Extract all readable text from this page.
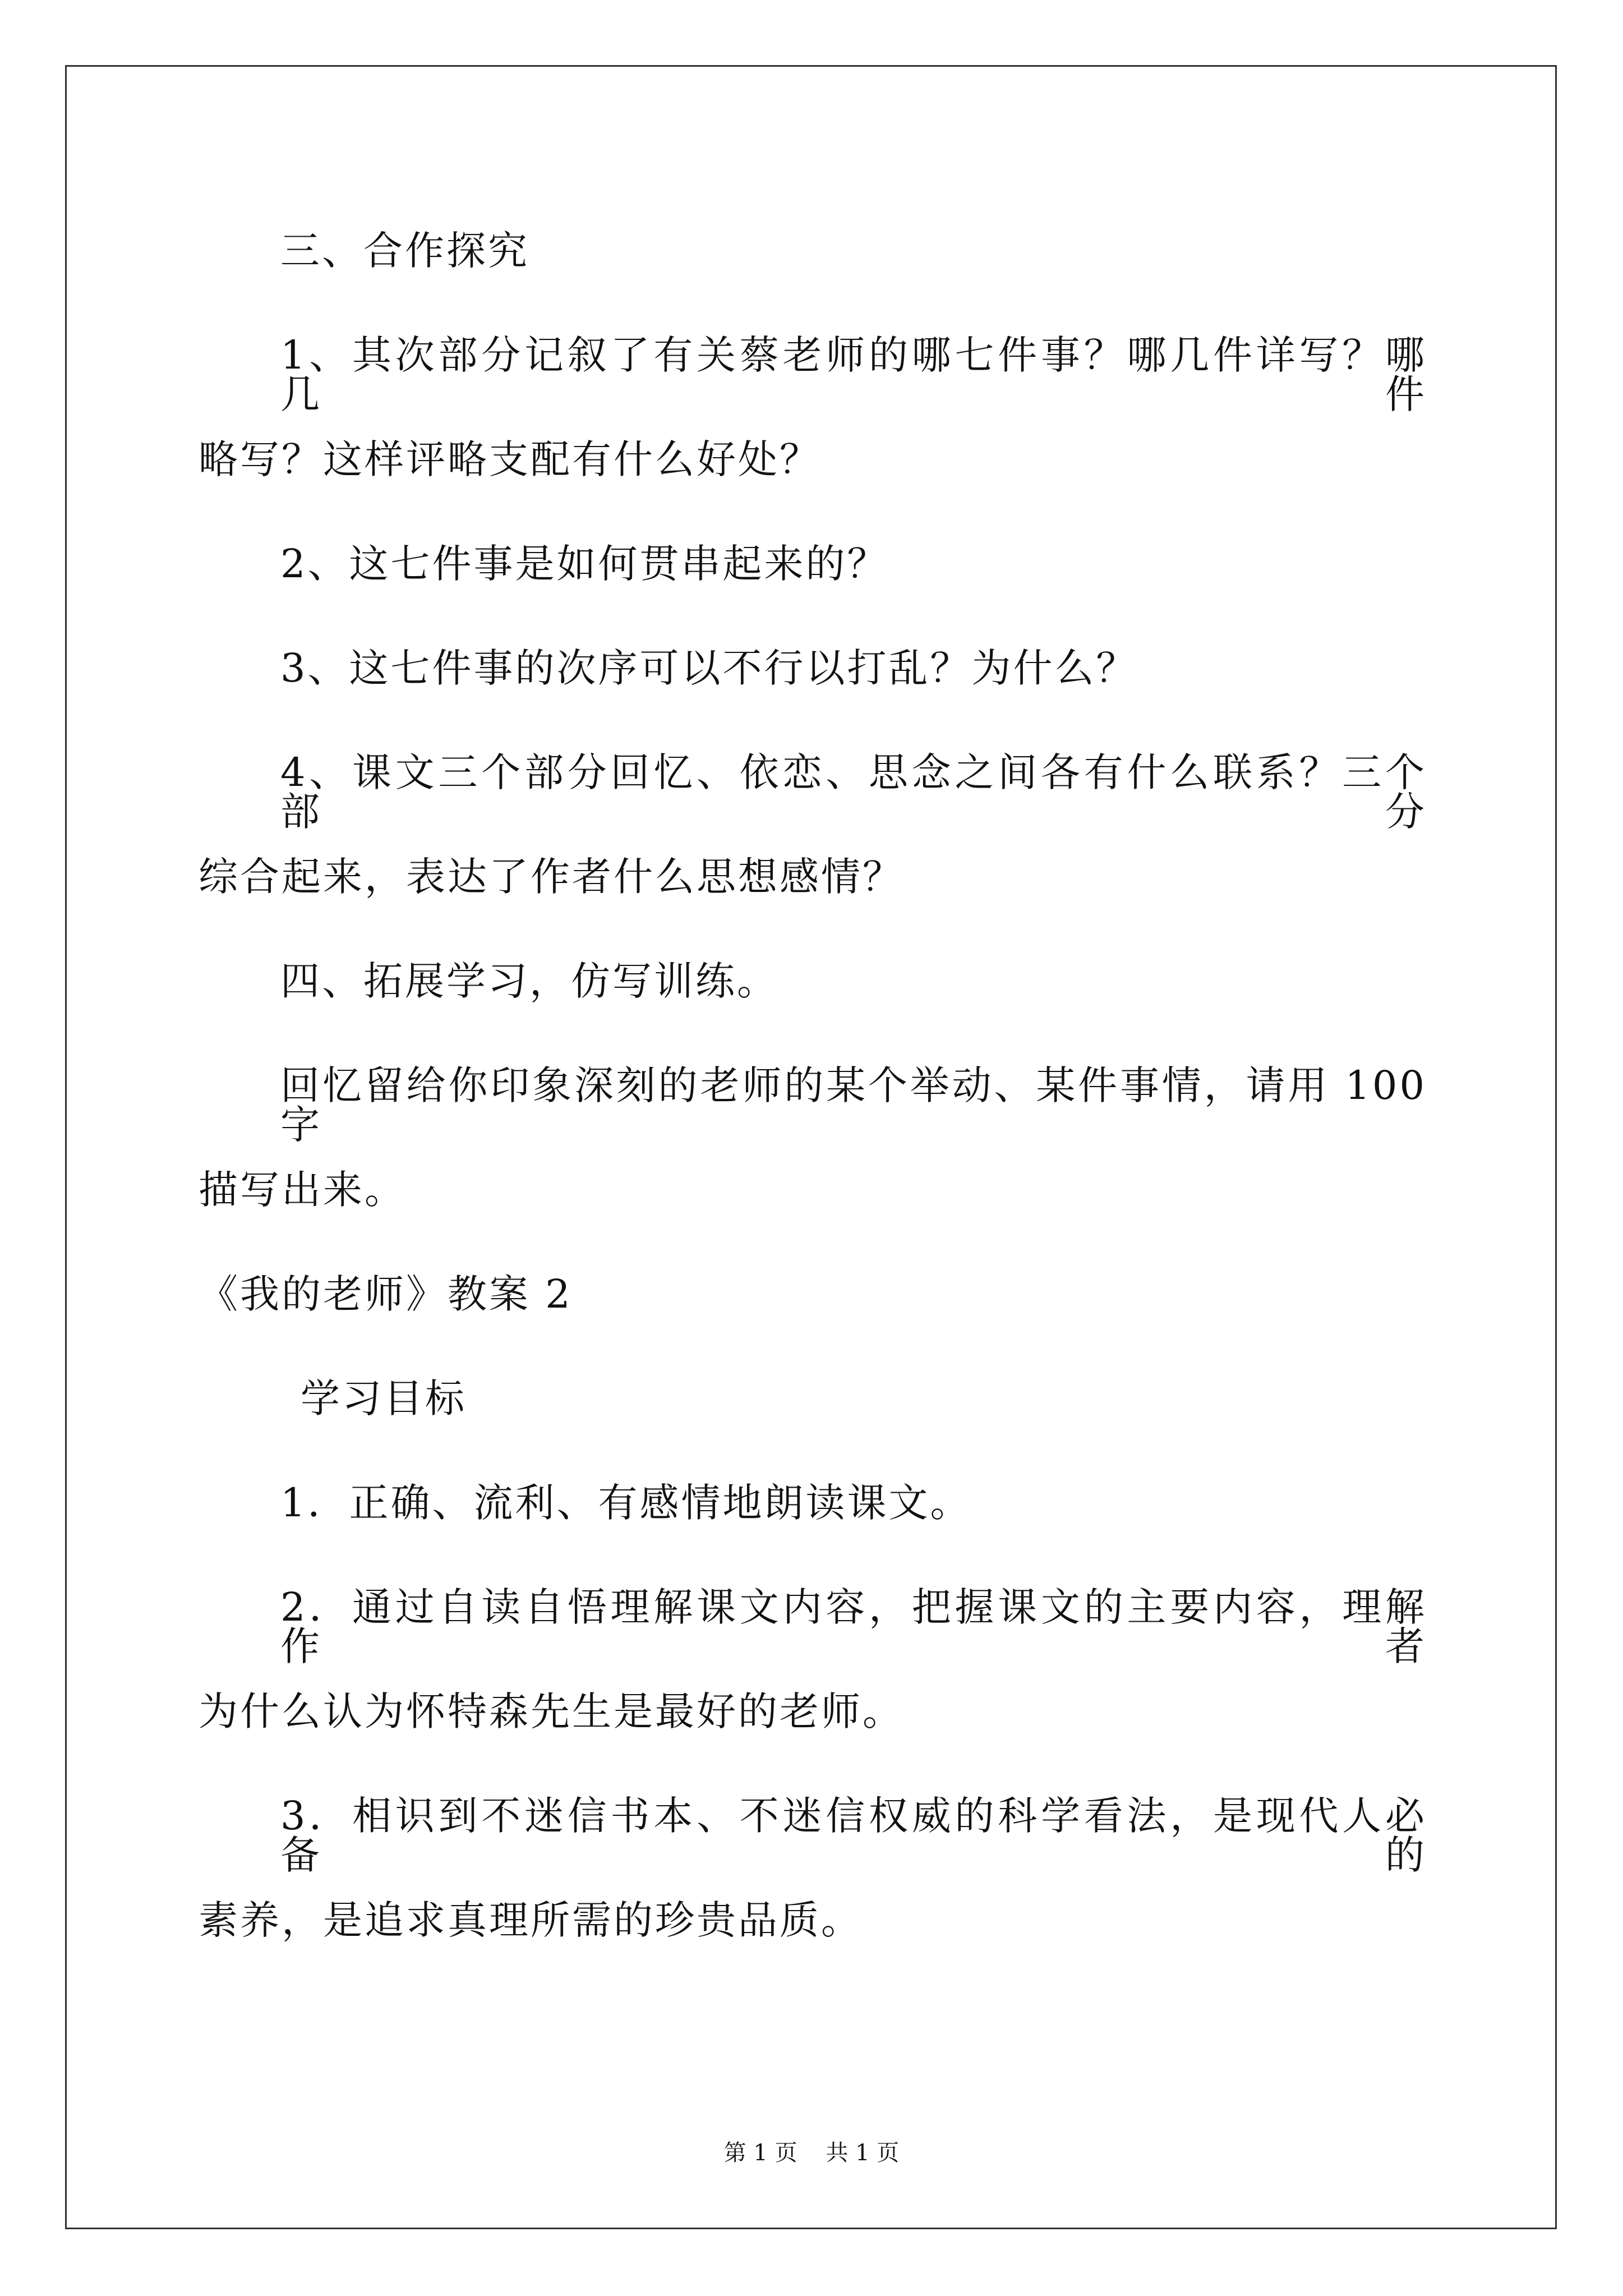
三、合作探究
1、其次部分记叙了有关蔡老师的哪七件事？哪几件详写？哪几件
略写？这样评略支配有什么好处？
2、这七件事是如何贯串起来的？
3、这七件事的次序可以不行以打乱？为什么？
4、课文三个部分回忆、依恋、思念之间各有什么联系？三个部分
综合起来，表达了作者什么思想感情？
四、拓展学习，仿写训练。
回忆留给你印象深刻的老师的某个举动、某件事情，请用 100 字
描写出来。
《我的老师》教案 2
学习目标
1．正确、流利、有感情地朗读课文。
2．通过自读自悟理解课文内容，把握课文的主要内容，理解作者
为什么认为怀特森先生是最好的老师。
3．相识到不迷信书本、不迷信权威的科学看法，是现代人必备的
素养，是追求真理所需的珍贵品质。
第 1 页    共 1 页
